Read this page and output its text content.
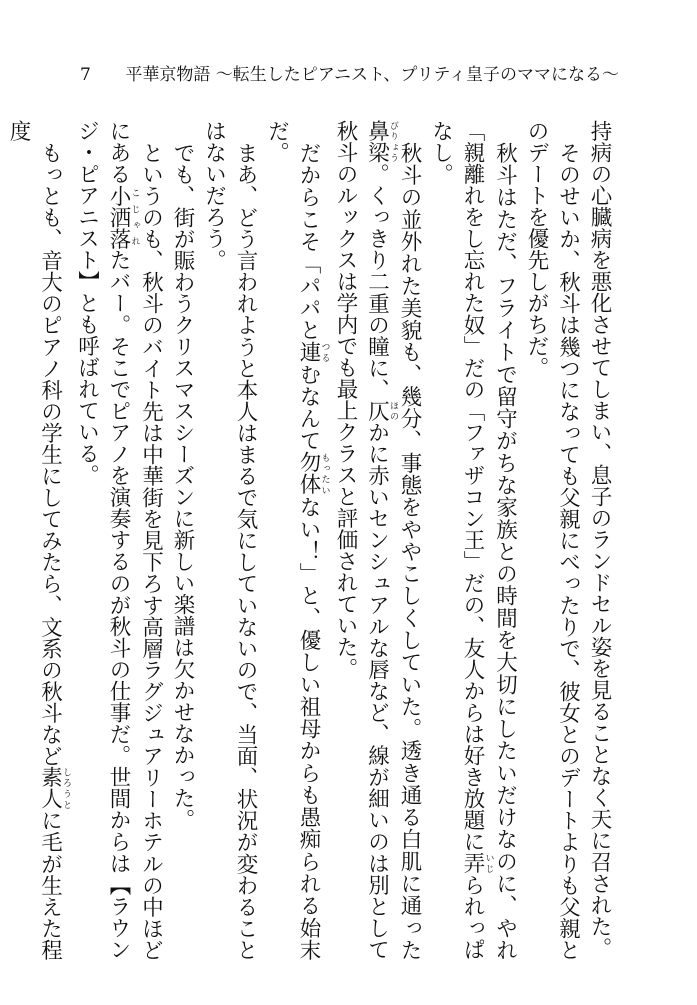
7 平華京物語 〜転生したピアニスト、プリティ皇子のママになる〜

持病の心臓病を悪化させてしまい、息子のランドセル姿を見ることなく天に召された。

そのせいか、秋斗は幾つになっても父親にべったりで、彼女とのデートよりも父親とのデートを優先しがちだ。

秋斗はただ、フライトで留守がちな家族との時間を大切にしたいだけなのに、やれ「親離れをし忘れた奴」だの「ファザコン王」だの、友人からは好き放題に弄いじられっぱなし。

秋斗の並外れた美貌も、幾分、事態をややこしくしていた。透き通る白肌に通った鼻梁びりょう。くっきり二重の瞳に、仄ほのかに赤いセンシュアルな唇など、線が細いのは別として秋斗のルックスは学内でも最上クラスと評価されていた。

だからこそ「パパと連つるむなんて勿体もったいない！」と、優しい祖母からも愚痴られる始末だ。

まあ、どう言われようと本人はまるで気にしていないので、当面、状況が変わることはないだろう。

でも、街が賑わうクリスマスシーズンに新しい楽譜は欠かせなかった。

というのも、秋斗のバイト先は中華街を見下ろす高層ラグジュアリーホテルの中ほどにある小洒落こじゃれたバー。そこでピアノを演奏するのが秋斗の仕事だ。世間からは【ラウンジ・ピアニスト】とも呼ばれている。

もっとも、音大のピアノ科の学生にしてみたら、文系の秋斗など素人しろうとに毛が生えた程度
